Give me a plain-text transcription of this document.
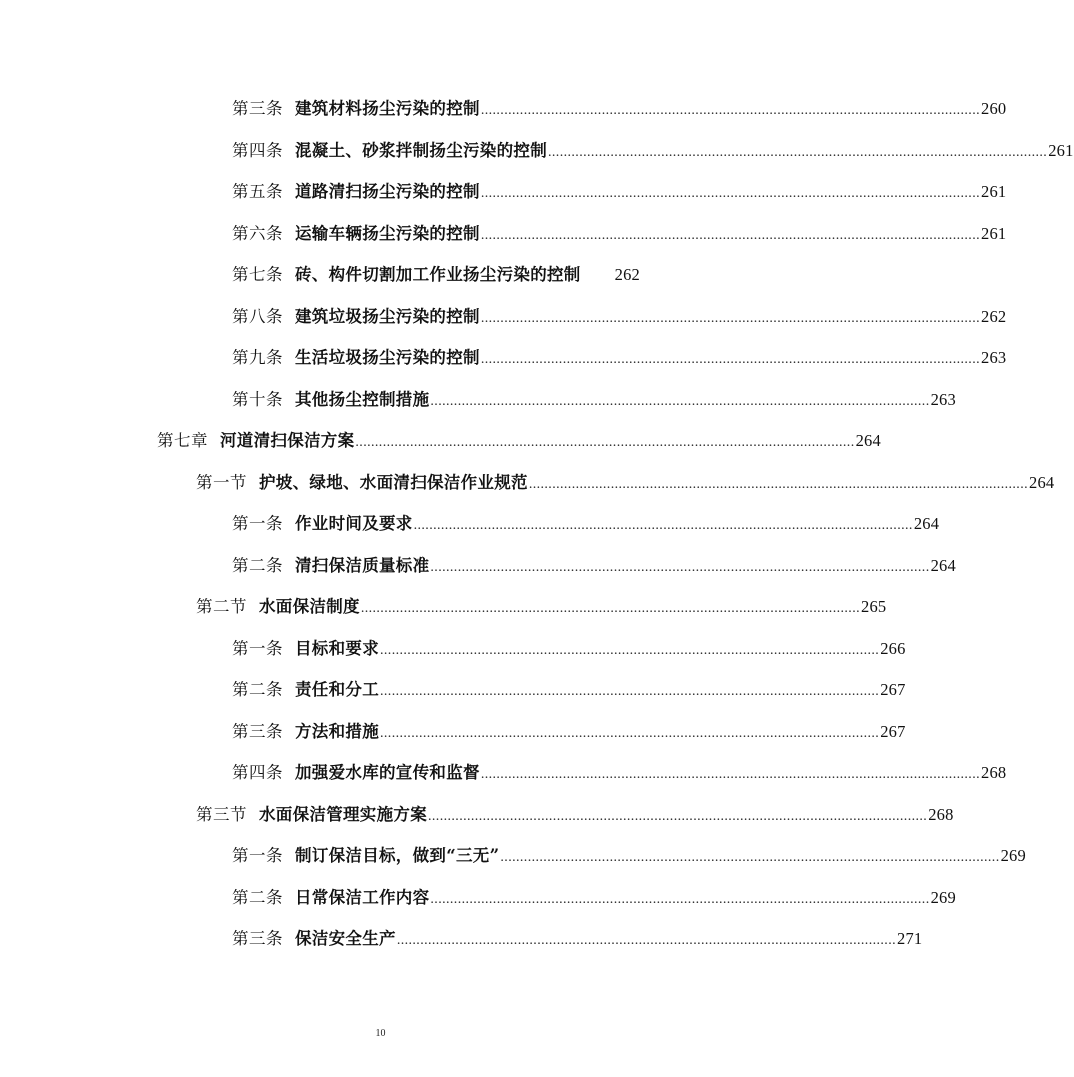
第三条 建筑材料扬尘污染的控制 ................................................................................................................................ 260
第四条 混凝土、砂浆拌制扬尘污染的控制 ................................................................................................................................ 261
第五条 道路清扫扬尘污染的控制 ................................................................................................................................ 261
第六条 运输车辆扬尘污染的控制 ................................................................................................................................ 261
第七条 砖、构件切割加工作业扬尘污染的控制 262
第八条 建筑垃圾扬尘污染的控制 ................................................................................................................................ 262
第九条 生活垃圾扬尘污染的控制 ................................................................................................................................ 263
第十条 其他扬尘控制措施 ................................................................................................................................ 263
第七章 河道清扫保洁方案 ................................................................................................................................ 264
第一节 护坡、绿地、水面清扫保洁作业规范 ................................................................................................................................ 264
第一条 作业时间及要求 ................................................................................................................................ 264
第二条 清扫保洁质量标准 ................................................................................................................................ 264
第二节 水面保洁制度 ................................................................................................................................ 265
第一条 目标和要求 ................................................................................................................................ 266
第二条 责任和分工 ................................................................................................................................ 267
第三条 方法和措施 ................................................................................................................................ 267
第四条 加强爱水库的宣传和监督 ................................................................................................................................ 268
第三节 水面保洁管理实施方案 ................................................................................................................................ 268
第一条 制订保洁目标，做到“三无” ................................................................................................................................ 269
第二条 日常保洁工作内容 ................................................................................................................................ 269
第三条 保洁安全生产 ................................................................................................................................ 271
10
